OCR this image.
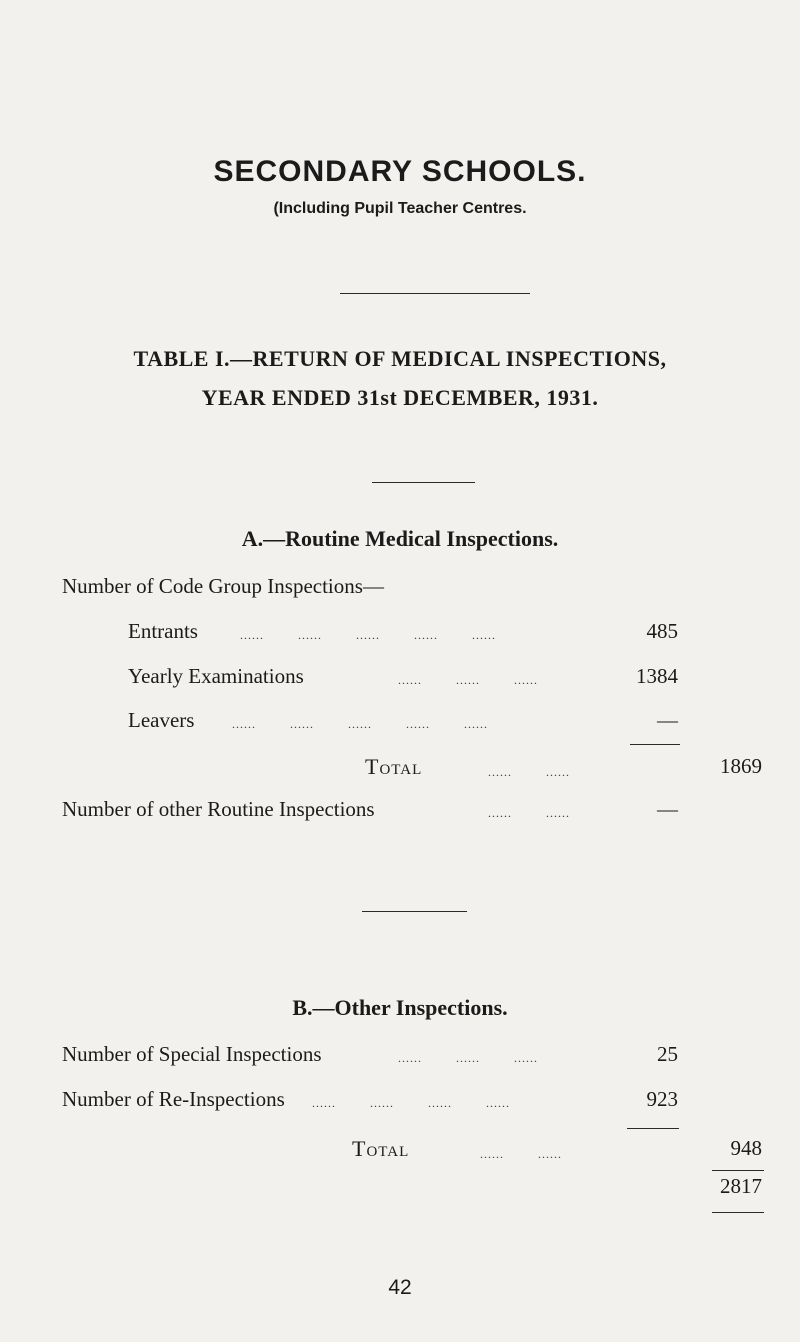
SECONDARY SCHOOLS.
(Including Pupil Teacher Centres.
TABLE I.—RETURN OF MEDICAL INSPECTIONS,
YEAR ENDED 31st DECEMBER, 1931.
A.—Routine Medical Inspections.
Number of Code Group Inspections—
Entrants	......	......	......	......	......	485
Yearly Examinations	......	......	......	1384
Leavers	......	......	......	......	......	—
Total	......	......	1869
Number of other Routine Inspections	......	......	—
B.—Other Inspections.
Number of Special Inspections	......	......	......	25
Number of Re-Inspections ......	......	......	......	923
Total	......	......	948
2817
42
